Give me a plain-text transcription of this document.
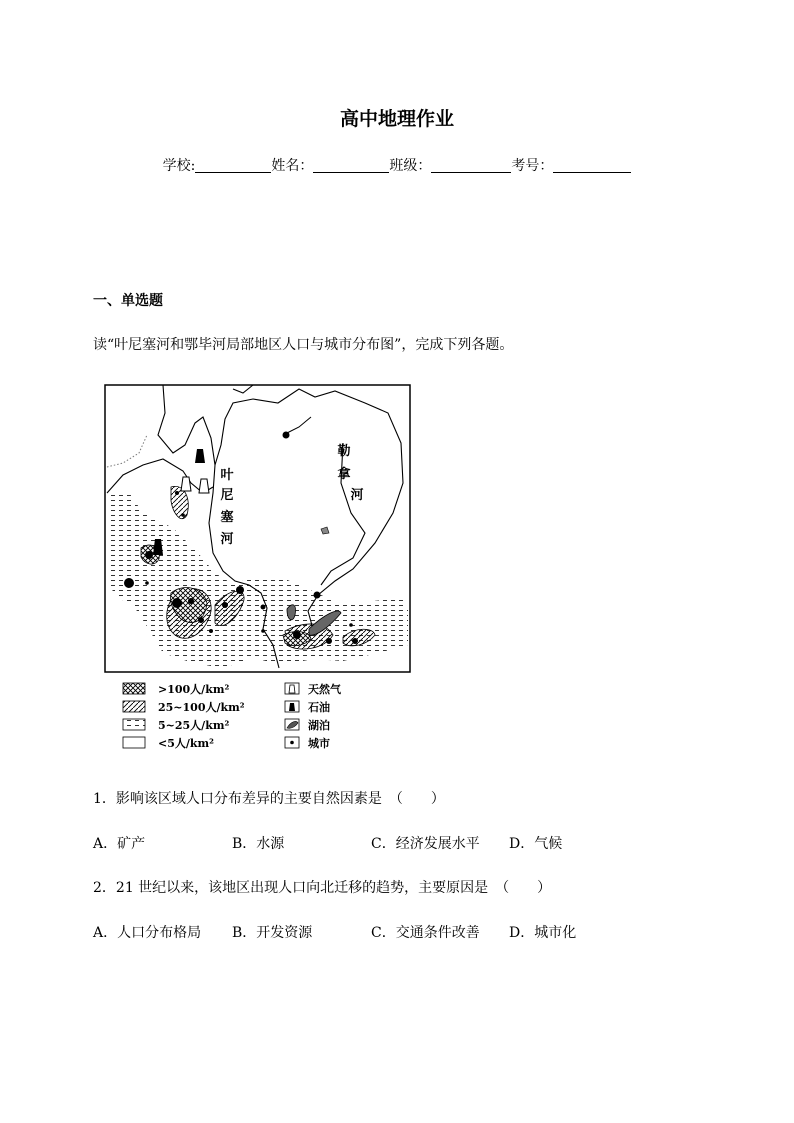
高中地理作业
学校:	姓名：	班级：	考号：
一、单选题
读“叶尼塞河和鄂毕河局部地区人口与城市分布图”，完成下列各题。
叶
尼
塞
河
勒
拿
河
>100人/km²
25~100人/km²
5~25人/km²
<5人/km²
天然气
石油
湖泊
城市
1．影响该区域人口分布差异的主要自然因素是　（　　）
A．矿产	B．水源	C．经济发展水平 D．气候
2．21 世纪以来，该地区出现人口向北迁移的趋势，主要原因是　（　　）
A．人口分布格局 B．开发资源	C．交通条件改善 D．城市化
